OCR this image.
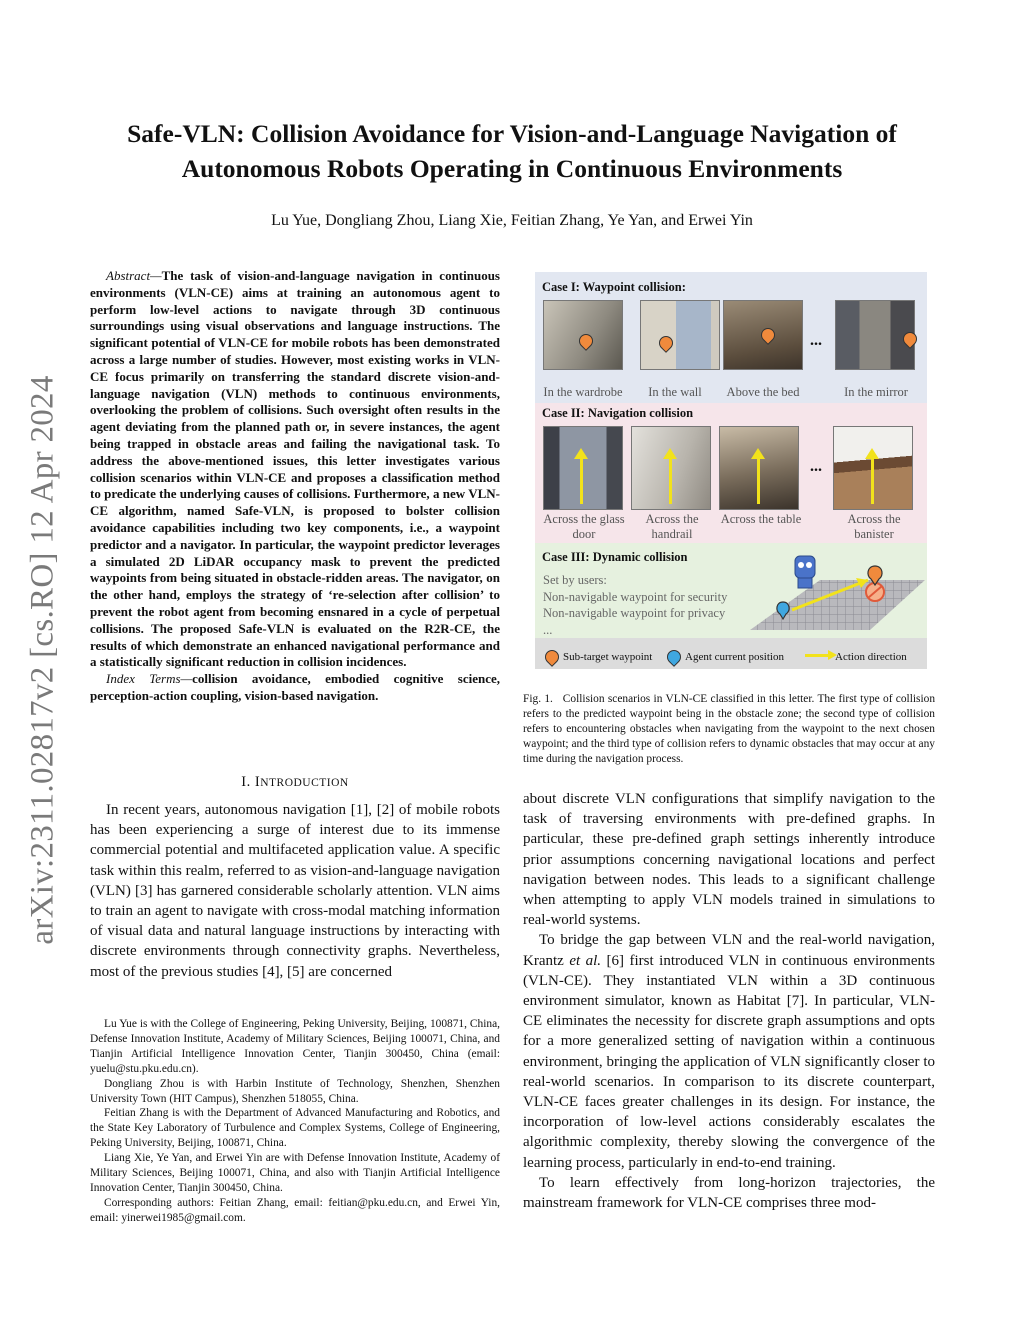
arXiv:2311.02817v2 [cs.RO] 12 Apr 2024
Safe-VLN: Collision Avoidance for Vision-and-Language Navigation of Autonomous Robots Operating in Continuous Environments
Lu Yue, Dongliang Zhou, Liang Xie, Feitian Zhang, Ye Yan, and Erwei Yin

Abstract—The task of vision-and-language navigation in continuous environments (VLN-CE) aims at training an autonomous agent to perform low-level actions to navigate through 3D continuous surroundings using visual observations and language instructions. The significant potential of VLN-CE for mobile robots has been demonstrated across a large number of studies. However, most existing works in VLN-CE focus primarily on transferring the standard discrete vision-and-language navigation (VLN) methods to continuous environments, overlooking the problem of collisions. Such oversight often results in the agent deviating from the planned path or, in severe instances, the agent being trapped in obstacle areas and failing the navigational task. To address the above-mentioned issues, this letter investigates various collision scenarios within VLN-CE and proposes a classification method to predicate the underlying causes of collisions. Furthermore, a new VLN-CE algorithm, named Safe-VLN, is proposed to bolster collision avoidance capabilities including two key components, i.e., a waypoint predictor and a navigator. In particular, the waypoint predictor leverages a simulated 2D LiDAR occupancy mask to prevent the predicted waypoints from being situated in obstacle-ridden areas. The navigator, on the other hand, employs the strategy of ‘re-selection after collision’ to prevent the robot agent from becoming ensnared in a cycle of perpetual collisions. The proposed Safe-VLN is evaluated on the R2R-CE, the results of which demonstrate an enhanced navigational performance and a statistically significant reduction in collision incidences.

Index Terms—collision avoidance, embodied cognitive science, perception-action coupling, vision-based navigation.

I. INTRODUCTION

In recent years, autonomous navigation [1], [2] of mobile robots has been experiencing a surge of interest due to its immense commercial potential and multifaceted application value. A specific task within this realm, referred to as vision-and-language navigation (VLN) [3] has garnered considerable scholarly attention. VLN aims to train an agent to navigate with cross-modal matching information of visual data and natural language instructions by interacting with discrete environments through connectivity graphs. Nevertheless, most of the previous studies [4], [5] are concerned

Lu Yue is with the College of Engineering, Peking University, Beijing, 100871, China, Defense Innovation Institute, Academy of Military Sciences, Beijing 100071, China, and Tianjin Artificial Intelligence Innovation Center, Tianjin 300450, China (email: yuelu@stu.pku.edu.cn).

Dongliang Zhou is with Harbin Institute of Technology, Shenzhen, Shenzhen University Town (HIT Campus), Shenzhen 518055, China.

Feitian Zhang is with the Department of Advanced Manufacturing and Robotics, and the State Key Laboratory of Turbulence and Complex Systems, College of Engineering, Peking University, Beijing, 100871, China.

Liang Xie, Ye Yan, and Erwei Yin are with Defense Innovation Institute, Academy of Military Sciences, Beijing 100071, China, and also with Tianjin Artificial Intelligence Innovation Center, Tianjin 300450, China.

Corresponding authors: Feitian Zhang, email: feitian@pku.edu.cn, and Erwei Yin, email: yinerwei1985@gmail.com.

Case I: Waypoint collision:
...
In the wardrobe	In the wall	Above the bed	In the mirror
Case II: Navigation collision
...
Across the glass door
Across the handrail
Across the table	Across the banister
Case III: Dynamic collision
Set by users:
Non-navigable waypoint for security
Non-navigable waypoint for privacy
...
Sub-target waypoint	Agent current position	Action direction
Fig. 1. Collision scenarios in VLN-CE classified in this letter. The first type of collision refers to the predicted waypoint being in the obstacle zone; the second type of collision refers to encountering obstacles when navigating from the waypoint to the next chosen waypoint; and the third type of collision refers to dynamic obstacles that may occur at any time during the navigation process.

about discrete VLN configurations that simplify navigation to the task of traversing environments with pre-defined graphs. In particular, these pre-defined graph settings inherently introduce prior assumptions concerning navigational locations and perfect navigation between nodes. This leads to a significant challenge when attempting to apply VLN models trained in simulations to real-world systems.

To bridge the gap between VLN and the real-world navigation, Krantz et al. [6] first introduced VLN in continuous environments (VLN-CE). They instantiated VLN within a 3D continuous environment simulator, known as Habitat [7]. In particular, VLN-CE eliminates the necessity for discrete graph assumptions and opts for a more generalized setting of navigation within a continuous environment, bringing the application of VLN significantly closer to real-world scenarios. In comparison to its discrete counterpart, VLN-CE faces greater challenges in its design. For instance, the incorporation of low-level actions considerably escalates the algorithmic complexity, thereby slowing the convergence of the learning process, particularly in end-to-end training.

To learn effectively from long-horizon trajectories, the mainstream framework for VLN-CE comprises three mod-
